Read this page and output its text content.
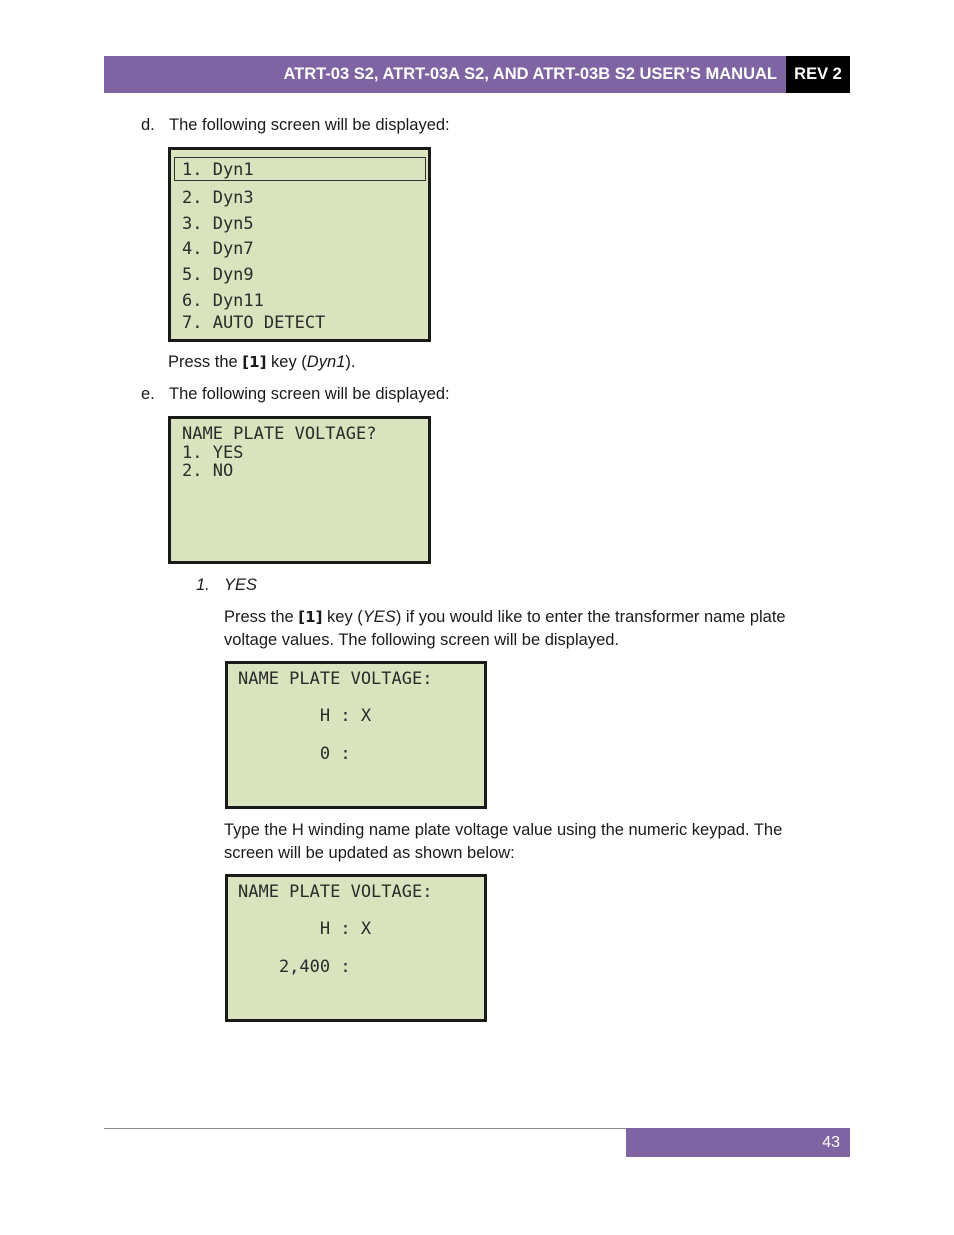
ATRT-03 S2, ATRT-03A S2, AND ATRT-03B S2 USER’S MANUAL	REV 2
d. The following screen will be displayed:
1. Dyn1
2. Dyn3
3. Dyn5
4. Dyn7
5. Dyn9
6. Dyn11
7. AUTO DETECT
Press the [1] key (Dyn1).
e. The following screen will be displayed:
NAME PLATE VOLTAGE?
1. YES
2. NO
1. YES
Press the [1] key (YES) if you would like to enter the transformer name plate voltage values. The following screen will be displayed.
NAME PLATE VOLTAGE:
H : X
0 :
Type the H winding name plate voltage value using the numeric keypad. The screen will be updated as shown below:
NAME PLATE VOLTAGE:
H : X
2,400 :
43
